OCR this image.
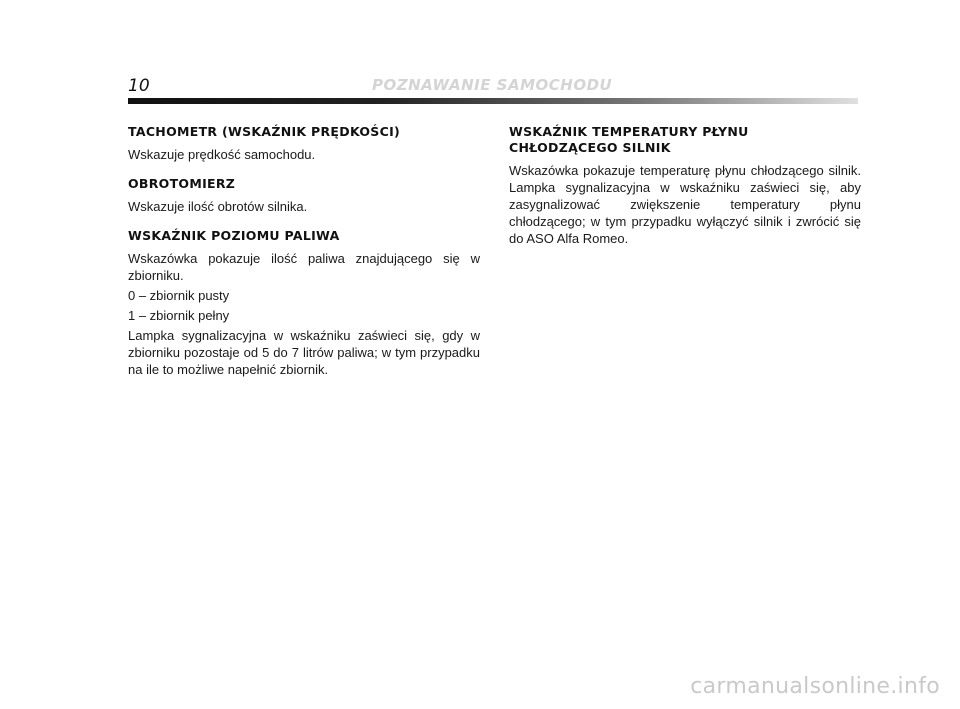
10	POZNAWANIE SAMOCHODU
TACHOMETR (WSKAŹNIK PRĘDKOŚCI)

Wskazuje prędkość samochodu.

OBROTOMIERZ

Wskazuje ilość obrotów silnika.

WSKAŹNIK POZIOMU PALIWA

Wskazówka pokazuje ilość paliwa znajdującego się w zbiorniku.

0 – zbiornik pusty

1 – zbiornik pełny

Lampka sygnalizacyjna w wskaźniku zaświeci się, gdy w zbiorniku pozostaje od 5 do 7 litrów paliwa; w tym przypadku na ile to możliwe napełnić zbiornik.

WSKAŹNIK TEMPERATURY PŁYNU
CHŁODZĄCEGO SILNIK

Wskazówka pokazuje temperaturę płynu chłodzącego silnik. Lampka sygnalizacyjna w wskaźniku zaświeci się, aby zasygnalizować zwiększenie temperatury płynu chłodzącego; w tym przypadku wyłączyć silnik i zwrócić się do ASO Alfa Romeo.

carmanualsonline.info
